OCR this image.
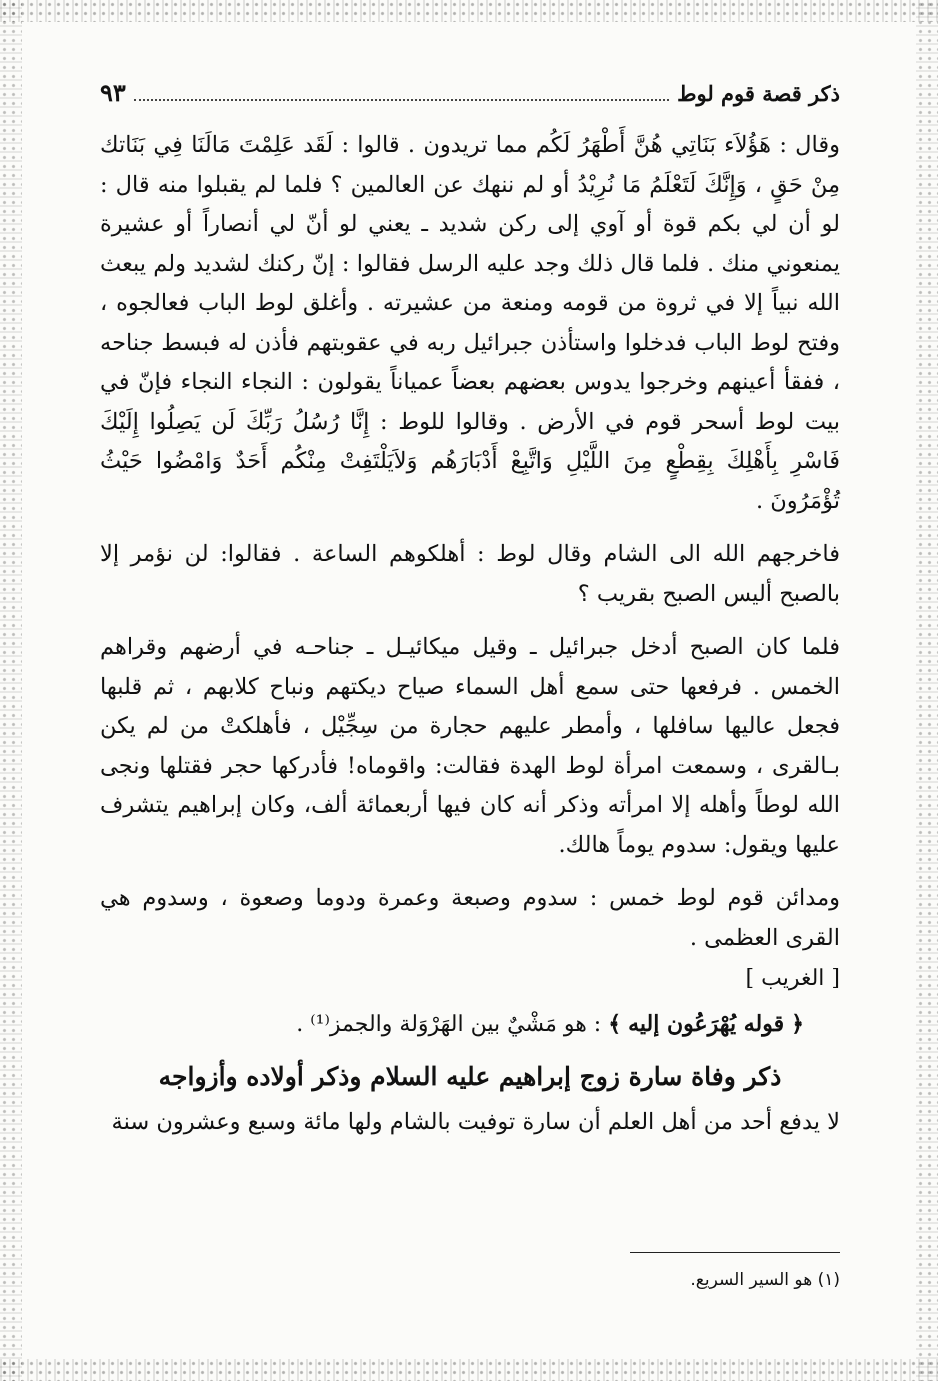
ذكر قصة قوم لوط
٩٣

وقال : هَؤُلاَء بَنَاتِي هُنَّ أَطْهَرُ لَكُم مما تريدون . قالوا : لَقَد عَلِمْتَ مَالَنَا فِي بَنَاتك مِنْ حَقٍ ، وَإِنَّكَ لَتَعْلَمُ مَا نُرِيْدُ أو لم ننهك عن العالمين ؟ فلما لم يقبلوا منه قال : لو أن لي بكم قوة أو آوي إلى ركن شديد ـ يعني لو أنّ لي أنصاراً أو عشيرة يمنعوني منك . فلما قال ذلك وجد عليه الرسل فقالوا : إنّ ركنك لشديد ولم يبعث الله نبياً إلا في ثروة من قومه ومنعة من عشيرته . وأغلق لوط الباب فعالجوه ، وفتح لوط الباب فدخلوا واستأذن جبرائيل ربه في عقوبتهم فأذن له فبسط جناحه ، ففقأ أعينهم وخرجوا يدوس بعضهم بعضاً عمياناً يقولون : النجاء النجاء فإنّ في بيت لوط أسحر قوم في الأرض . وقالوا للوط : إِنَّا رُسُلُ رَبِّكَ لَن يَصِلُوا إِلَيْكَ فَاسْرِ بِأَهْلِكَ بِقِطْعٍ مِنَ اللَّيْلِ وَاتَّبِعْ أَدْبَارَهُم وَلاَيَلْتَفِتْ مِنْكُم أَحَدٌ وَامْضُوا حَيْثُ تُؤْمَرُونَ .

فاخرجهم الله الى الشام وقال لوط : أهلكوهم الساعة . فقالوا: لن نؤمر إلا بالصبح أليس الصبح بقريب ؟

فلما كان الصبح أدخل جبرائيل ـ وقيل ميكائيـل ـ جناحـه في أرضهم وقراهم الخمس . فرفعها حتى سمع أهل السماء صياح ديكتهم ونباح كلابهم ، ثم قلبها فجعل عاليها سافلها ، وأمطر عليهم حجارة من سِجِّيْل ، فأهلكتْ من لم يكن بـالقرى ، وسمعت امرأة لوط الهدة فقالت: واقوماه! فأدركها حجر فقتلها ونجى الله لوطاً وأهله إلا امرأته وذكر أنه كان فيها أربعمائة ألف، وكان إبراهيم يتشرف عليها ويقول: سدوم يوماً هالك.

ومدائن قوم لوط خمس : سدوم وصبعة وعمرة ودوما وصعوة ، وسدوم هي القرى العظمى .

[ الغريب ]
﴿ قوله يُهْرَعُون إليه ﴾ : هو مَشْيٌ بين الهَرْوَلة والجمز⁽¹⁾ .
ذكر وفاة سارة زوج إبراهيم عليه السلام وذكر أولاده وأزواجه

لا يدفع أحد من أهل العلم أن سارة توفيت بالشام ولها مائة وسبع وعشرون سنة

(١) هو السير السريع.
